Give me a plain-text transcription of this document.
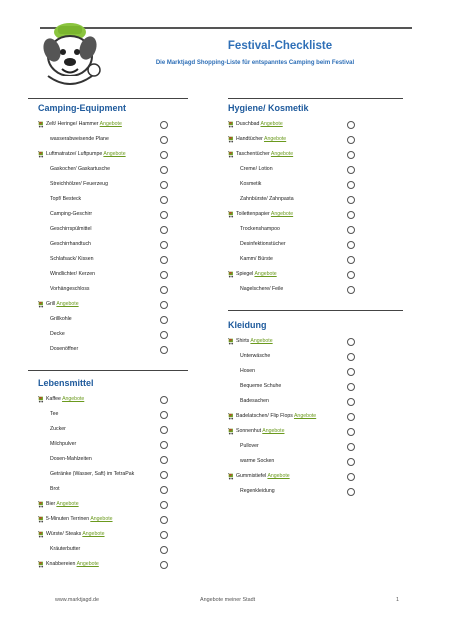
Festival-Checkliste
Die Marktjagd Shopping-Liste für entspanntes Camping beim Festival
Camping-Equipment
Zelt/ Heringe/ Hammer Angebote
wasserabweisende Plane
Luftmatratze/ Luftpumpe Angebote
Gaskocher/ Gaskartusche
Streichhölzer/ Feuerzeug
Topf/ Besteck
Camping-Geschirr
Geschirrspülmittel
Geschirrhandtuch
Schlafsack/ Kissen
Windlichter/ Kerzen
Vorhängeschloss
Grill Angebote
Grillkohle
Decke
Dosenöffner
Lebensmittel
Kaffee Angebote
Tee
Zucker
Milchpulver
Dosen-Mahlzeiten
Getränke (Wasser, Saft) im TetraPak
Brot
Bier Angebote
5-Minuten Terrinen Angebote
Würste/ Steaks Angebote
Kräuterbutter
Knabbereien Angebote
Hygiene/ Kosmetik
Duschbad Angebote
Handtücher Angebote
Taschentücher Angebote
Creme/ Lotion
Kosmetik
Zahnbürste/ Zahnpasta
Toilettenpapier Angebote
Trockenshampoo
Desinfektionstücher
Kamm/ Bürste
Spiegel Angebote
Nagelschere/ Feile
Kleidung
Shirts Angebote
Unterwäsche
Hosen
Bequeme Schuhe
Badesachen
Badelatschen/ Flip Flops Angebote
Sonnenhut Angebote
Pullover
warme Socken
Gummistiefel Angebote
Regenkleidung
www.marktjagd.de	Angebote meiner Stadt	1
